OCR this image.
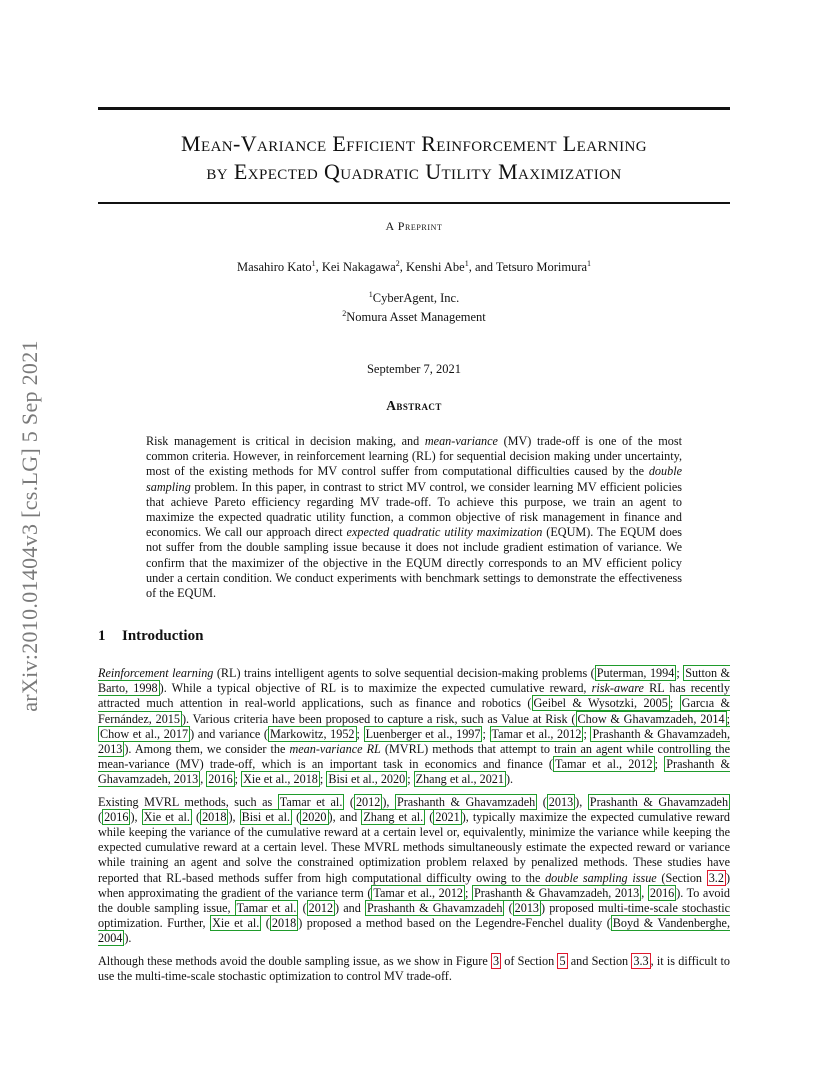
arXiv:2010.01404v3 [cs.LG] 5 Sep 2021
Mean-Variance Efficient Reinforcement Learning
by Expected Quadratic Utility Maximization
A Preprint
Masahiro Kato$^1$, Kei Nakagawa$^2$, Kenshi Abe$^1$, and Tetsuro Morimura$^1$
$^1$CyberAgent, Inc.
$^2$Nomura Asset Management
September 7, 2021
Abstract

Risk management is critical in decision making, and mean-variance (MV) trade-off is one of the most common criteria. However, in reinforcement learning (RL) for sequential decision making under uncertainty, most of the existing methods for MV control suffer from computational difficulties caused by the double sampling problem. In this paper, in contrast to strict MV control, we consider learning MV efficient policies that achieve Pareto efficiency regarding MV trade-off. To achieve this purpose, we train an agent to maximize the expected quadratic utility function, a common objective of risk management in finance and economics. We call our approach direct expected quadratic utility maximization (EQUM). The EQUM does not suffer from the double sampling issue because it does not include gradient estimation of variance. We confirm that the maximizer of the objective in the EQUM directly corresponds to an MV efficient policy under a certain condition. We conduct experiments with benchmark settings to demonstrate the effectiveness of the EQUM.

1 Introduction

Reinforcement learning (RL) trains intelligent agents to solve sequential decision-making problems ( Puterman, 1994 ; Sutton & Barto, 1998 ). While a typical objective of RL is to maximize the expected cumulative reward, risk-aware RL has recently attracted much attention in real-world applications, such as finance and robotics ( Geibel & Wysotzki, 2005 ; Garcıa & Fernández, 2015 ). Various criteria have been proposed to capture a risk, such as Value at Risk ( Chow & Ghavamzadeh, 2014 ; Chow et al., 2017 ) and variance ( Markowitz, 1952 ; Luenberger et al., 1997 ; Tamar et al., 2012 ; Prashanth & Ghavamzadeh, 2013 ). Among them, we consider the mean-variance RL (MVRL) methods that attempt to train an agent while controlling the mean-variance (MV) trade-off, which is an important task in economics and finance ( Tamar et al., 2012 ; Prashanth & Ghavamzadeh, 2013 , 2016 ; Xie et al., 2018 ; Bisi et al., 2020 ; Zhang et al., 2021 ).

Existing MVRL methods, such as Tamar et al. ( 2012 ), Prashanth & Ghavamzadeh ( 2013 ), Prashanth & Ghavamzadeh ( 2016 ), Xie et al. ( 2018 ), Bisi et al. ( 2020 ), and Zhang et al. ( 2021 ), typically maximize the expected cumulative reward while keeping the variance of the cumulative reward at a certain level or, equivalently, minimize the variance while keeping the expected cumulative reward at a certain level. These MVRL methods simultaneously estimate the expected reward or variance while training an agent and solve the constrained optimization problem relaxed by penalized methods. These studies have reported that RL-based methods suffer from high computational difficulty owing to the double sampling issue (Section 3.2 ) when approximating the gradient of the variance term ( Tamar et al., 2012 ; Prashanth & Ghavamzadeh, 2013 , 2016 ). To avoid the double sampling issue, Tamar et al. ( 2012 ) and Prashanth & Ghavamzadeh ( 2013 ) proposed multi-time-scale stochastic optimization. Further, Xie et al. ( 2018 ) proposed a method based on the Legendre-Fenchel duality ( Boyd & Vandenberghe, 2004 ).

Although these methods avoid the double sampling issue, as we show in Figure 3 of Section 5 and Section 3.3 , it is difficult to use the multi-time-scale stochastic optimization to control MV trade-off.
